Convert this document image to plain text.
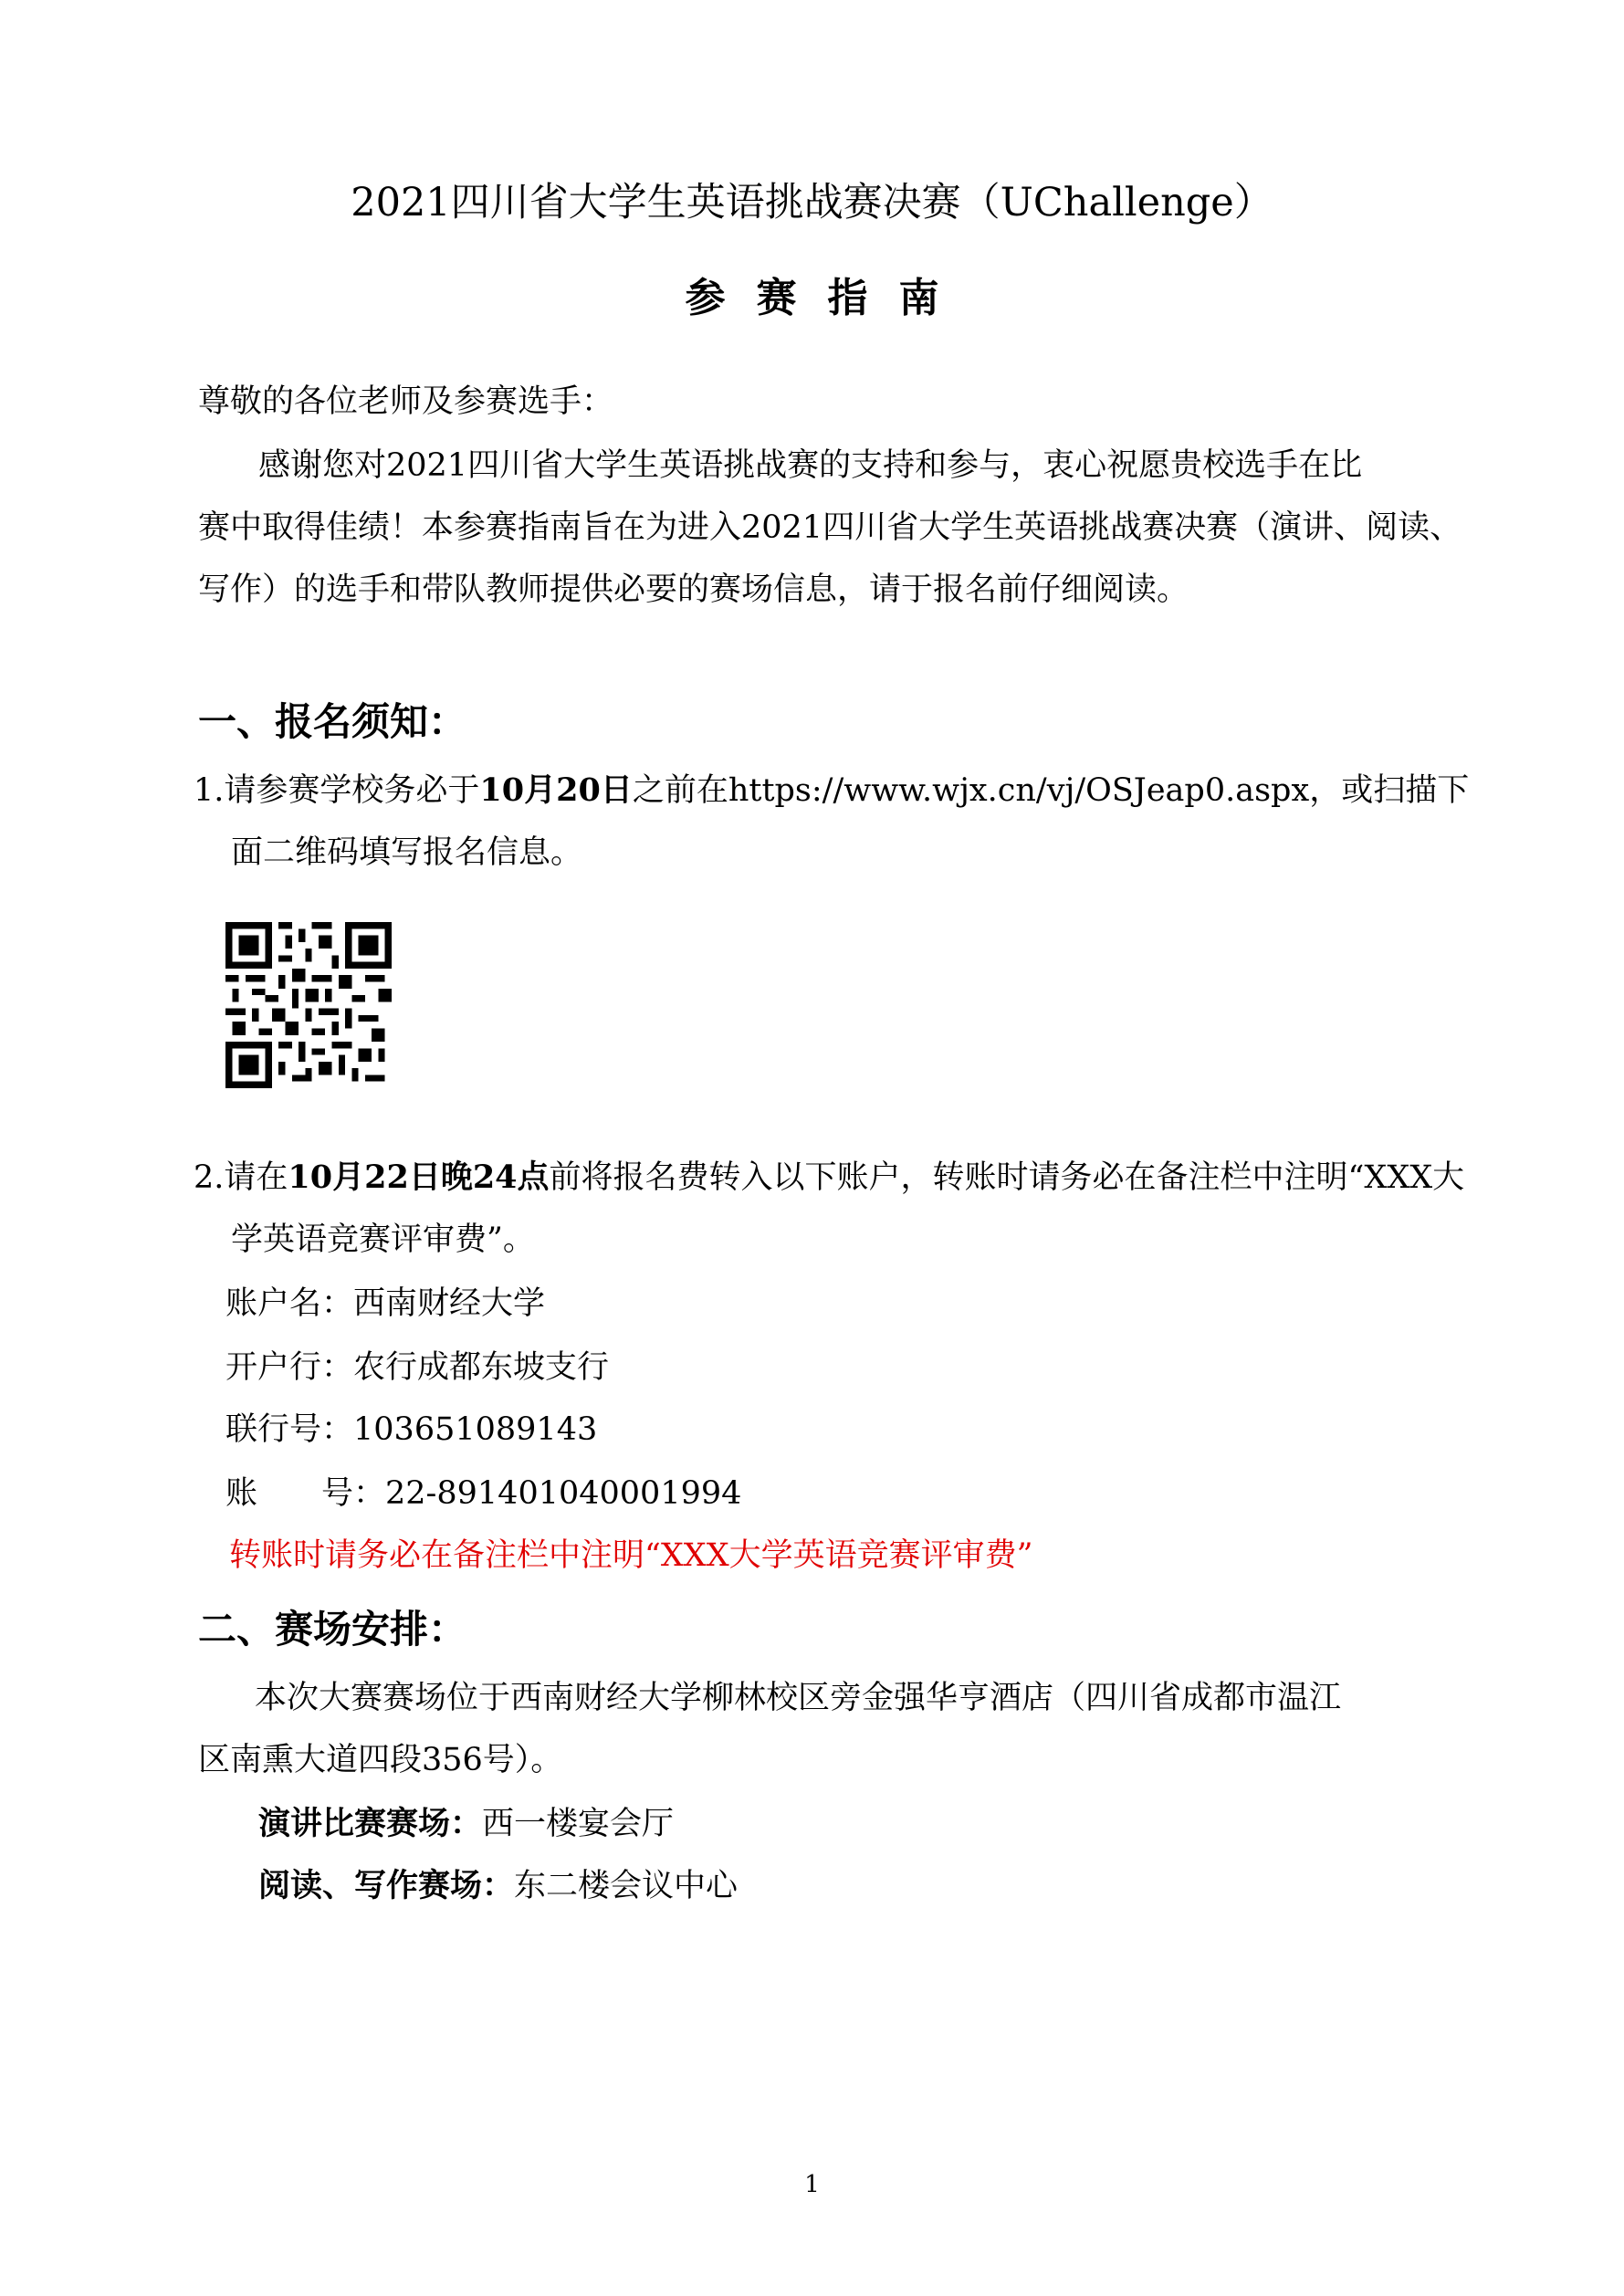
2021四川省大学生英语挑战赛决赛（UChallenge）
参赛指南
尊敬的各位老师及参赛选手：
感谢您对2021四川省大学生英语挑战赛的支持和参与，衷心祝愿贵校选手在比
赛中取得佳绩！本参赛指南旨在为进入2021四川省大学生英语挑战赛决赛（演讲、阅读、
写作）的选手和带队教师提供必要的赛场信息，请于报名前仔细阅读。
一、报名须知：
1.请参赛学校务必于10月20日之前在https://www.wjx.cn/vj/OSJeap0.aspx，或扫描下
面二维码填写报名信息。
2.请在10月22日晚24点前将报名费转入以下账户，转账时请务必在备注栏中注明“XXX大
学英语竞赛评审费”。
账户名：西南财经大学
开户行：农行成都东坡支行
联行号：103651089143
账　　号：22-891401040001994
转账时请务必在备注栏中注明“XXX大学英语竞赛评审费”
二、赛场安排：
本次大赛赛场位于西南财经大学柳林校区旁金强华亨酒店（四川省成都市温江
区南熏大道四段356号）。
演讲比赛赛场：西一楼宴会厅
阅读、写作赛场：东二楼会议中心
1
